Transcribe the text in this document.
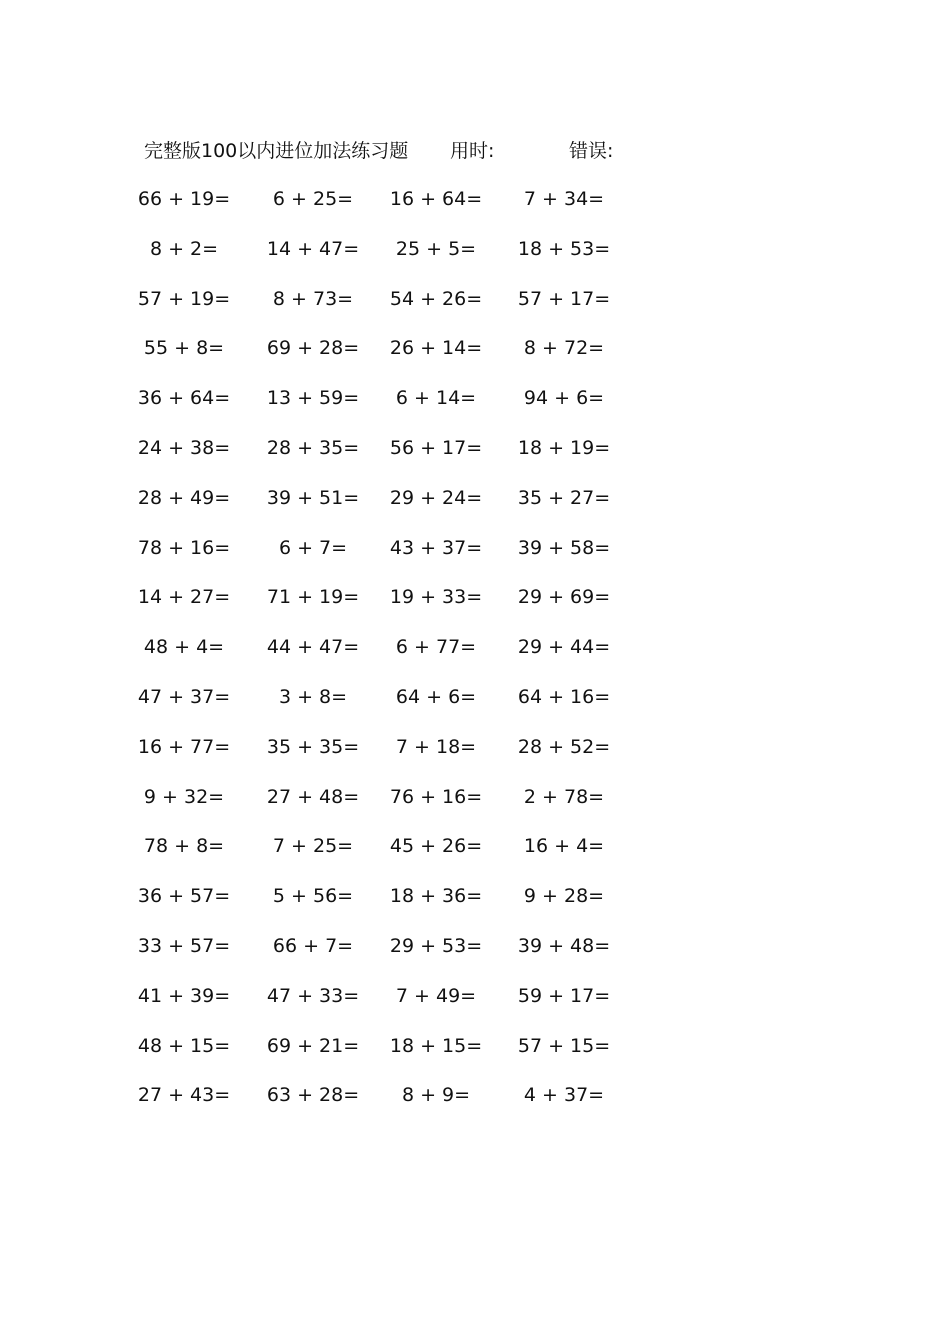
完整版100以内进位加法练习题 用时:	错误:
66 + 19=	6 + 25=	16 + 64=	7 + 34=
8 + 2=	14 + 47=	25 + 5=	18 + 53=
57 + 19=	8 + 73=	54 + 26=	57 + 17=
55 + 8=	69 + 28=	26 + 14=	8 + 72=
36 + 64=	13 + 59=	6 + 14=	94 + 6=
24 + 38=	28 + 35=	56 + 17=	18 + 19=
28 + 49=	39 + 51=	29 + 24=	35 + 27=
78 + 16=	6 + 7=	43 + 37=	39 + 58=
14 + 27=	71 + 19=	19 + 33=	29 + 69=
48 + 4=	44 + 47=	6 + 77=	29 + 44=
47 + 37=	3 + 8=	64 + 6=	64 + 16=
16 + 77=	35 + 35=	7 + 18=	28 + 52=
9 + 32=	27 + 48=	76 + 16=	2 + 78=
78 + 8=	7 + 25=	45 + 26=	16 + 4=
36 + 57=	5 + 56=	18 + 36=	9 + 28=
33 + 57=	66 + 7=	29 + 53=	39 + 48=
41 + 39=	47 + 33=	7 + 49=	59 + 17=
48 + 15=	69 + 21=	18 + 15=	57 + 15=
27 + 43=	63 + 28=	8 + 9=	4 + 37=
